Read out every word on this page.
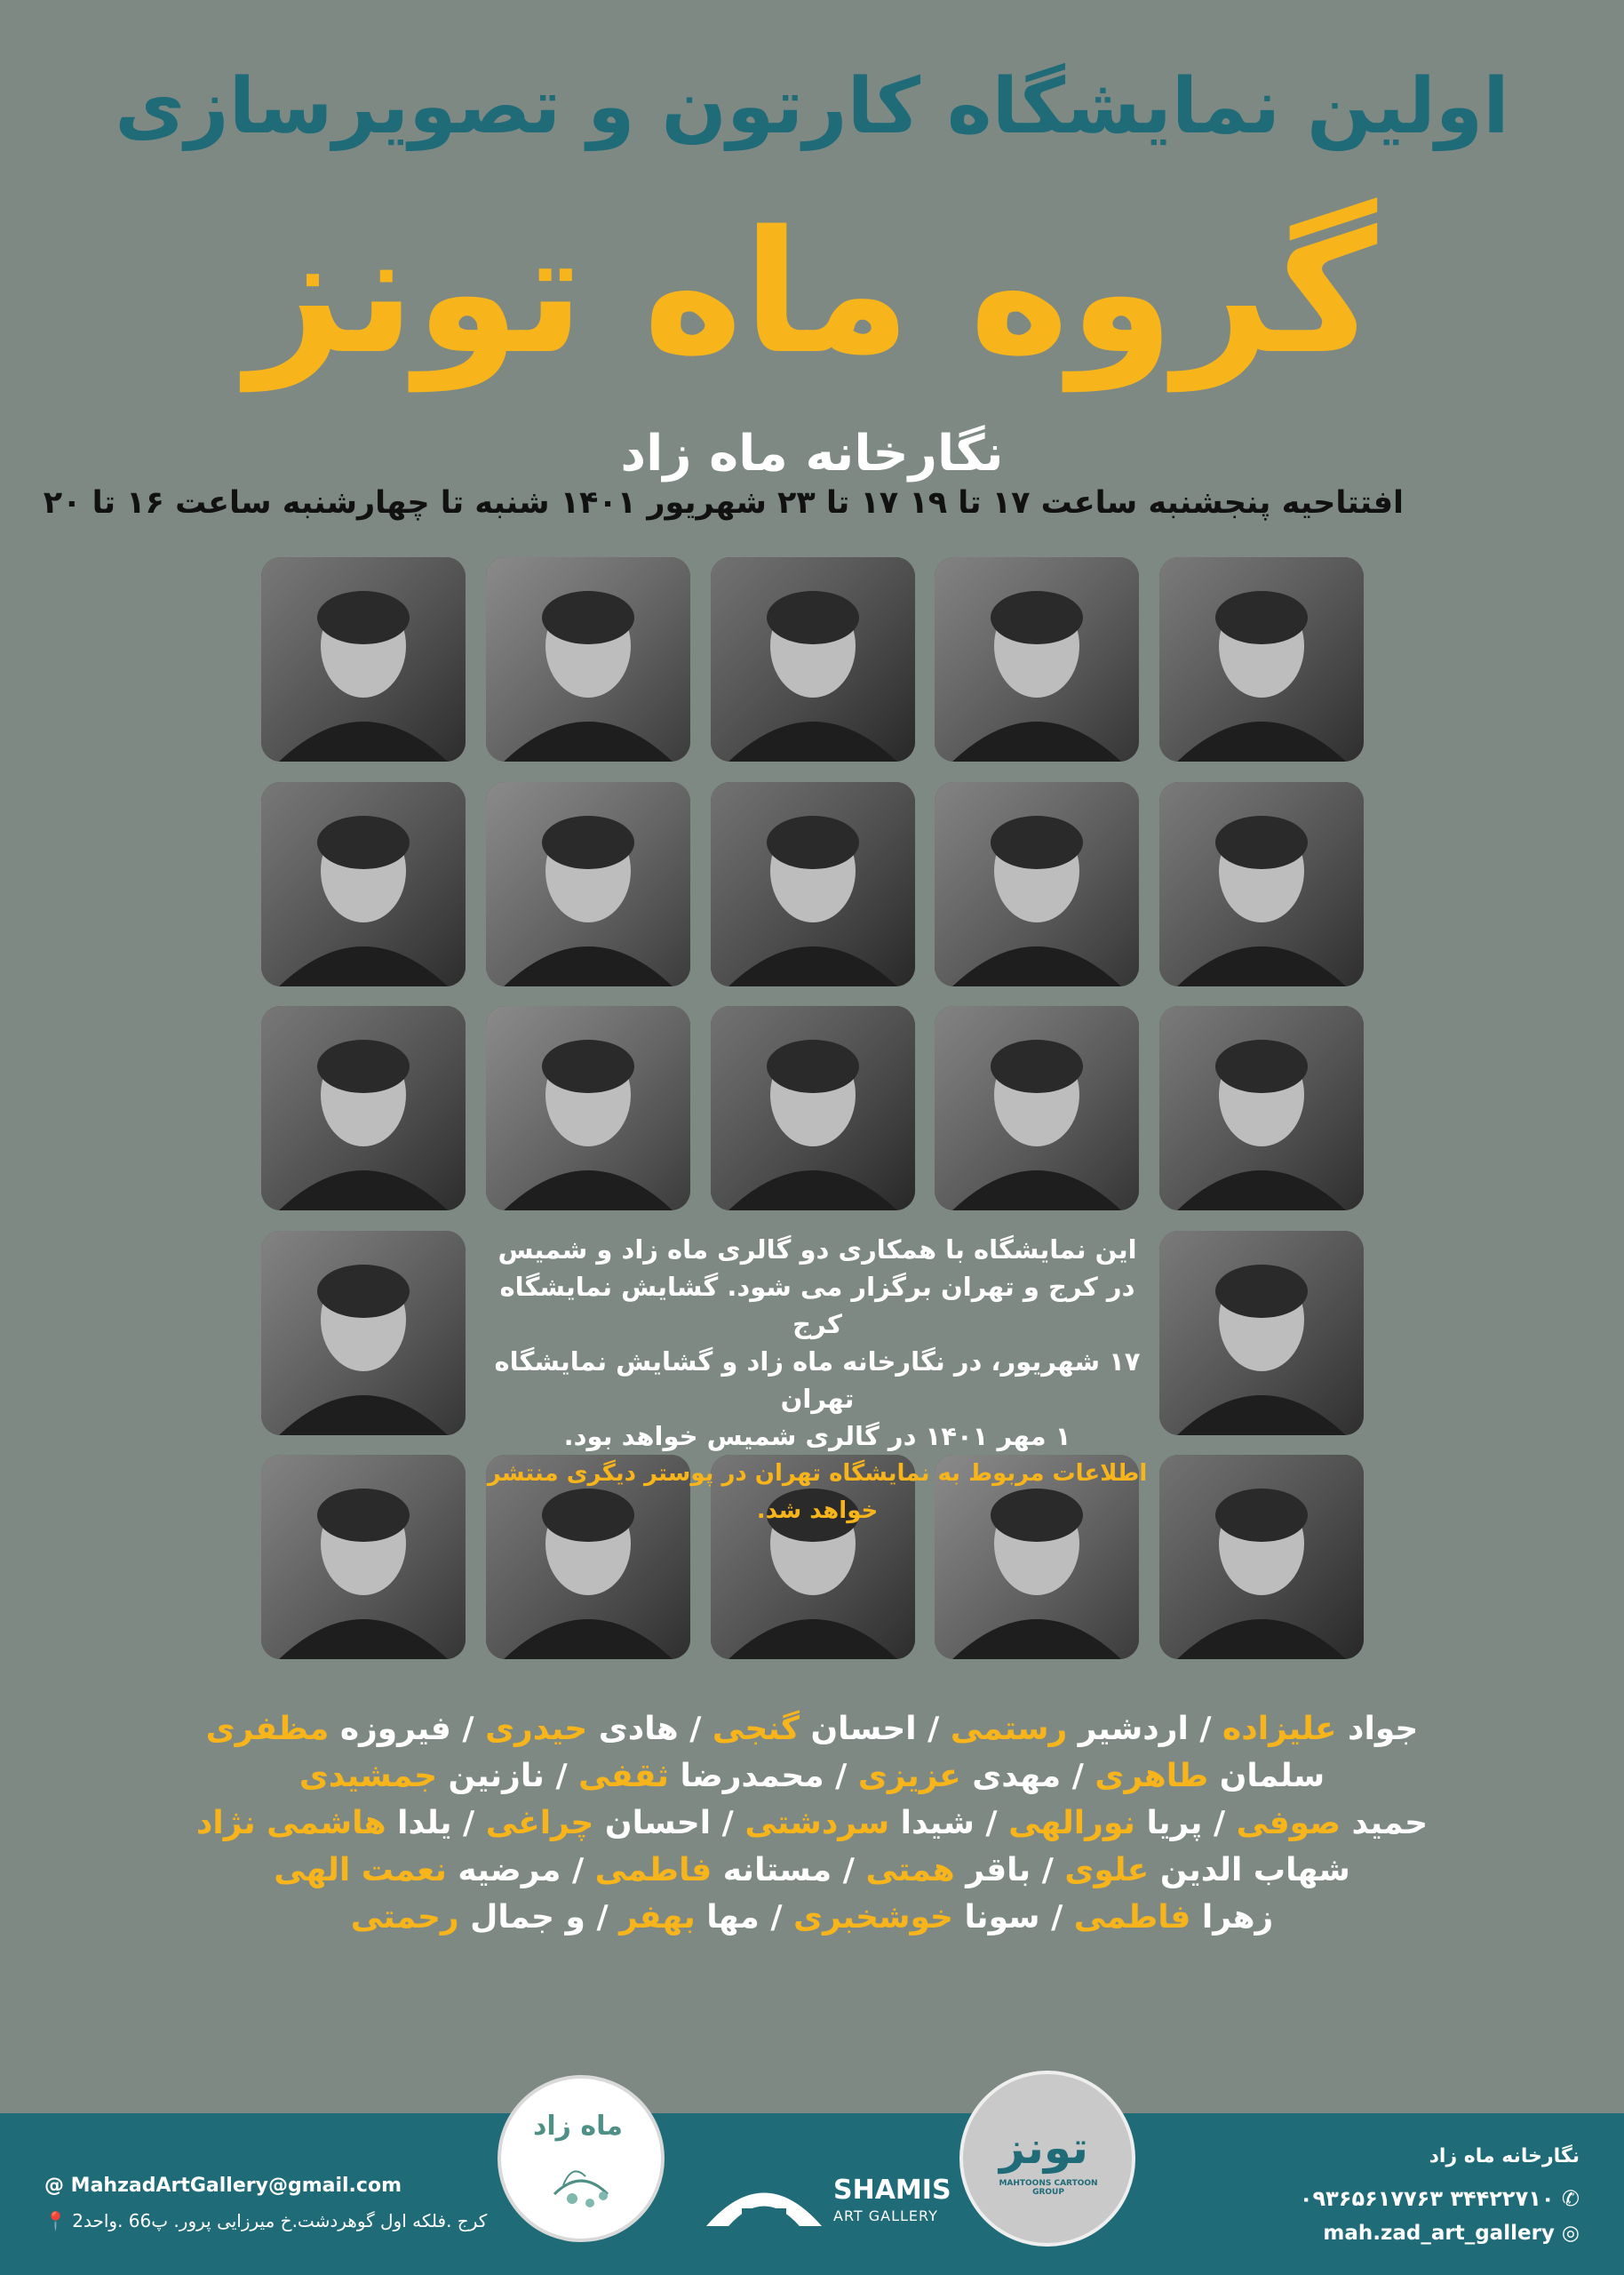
اولین نمایشگاه کارتون و تصویرسازی
گروه ماه تونز
نگارخانه ماه زاد
افتتاحیه پنجشنبه ساعت ۱۷ تا ۱۹ ۱۷ تا ۲۳ شهریور ۱۴۰۱ شنبه تا چهارشنبه ساعت ۱۶ تا ۲۰
این نمایشگاه با همکاری دو گالری ماه زاد و شمیس
در کرج و تهران برگزار می شود. گشایش نمایشگاه کرج
۱۷ شهریور، در نگارخانه ماه زاد و گشایش نمایشگاه تهران
۱ مهر ۱۴۰۱ در گالری شمیس خواهد بود.
اطلاعات مربوط به نمایشگاه تهران در پوستر دیگری منتشر خواهد شد.
جواد علیزاده / اردشیر رستمی / احسان گنجی / هادی حیدری / فیروزه مظفری
سلمان طاهری / مهدی عزیزی / محمدرضا ثقفی / نازنین جمشیدی
حمید صوفی / پریا نورالهی / شیدا سردشتی / احسان چراغی / یلدا هاشمی نژاد
شهاب الدین علوی / باقر همتی / مستانه فاطمی / مرضیه نعمت الهی
زهرا فاطمی / سونا خوشخبری / مها بهفر / و جمال رحمتی
@ MahzadArtGallery@gmail.com
کرج .فلکه اول گوهردشت.خ میرزایی پرور. پ66 .واحد2 📍
نگارخانه ماه زاد
۰۹۳۶۵۶۱۷۷۶۳ ۳۴۴۲۲۷۱۰ ✆
mah.zad_art_gallery ◎
ماه زاد
SHAMIS
ART GALLERY
تونز
MAHTOONS CARTOON GROUP
